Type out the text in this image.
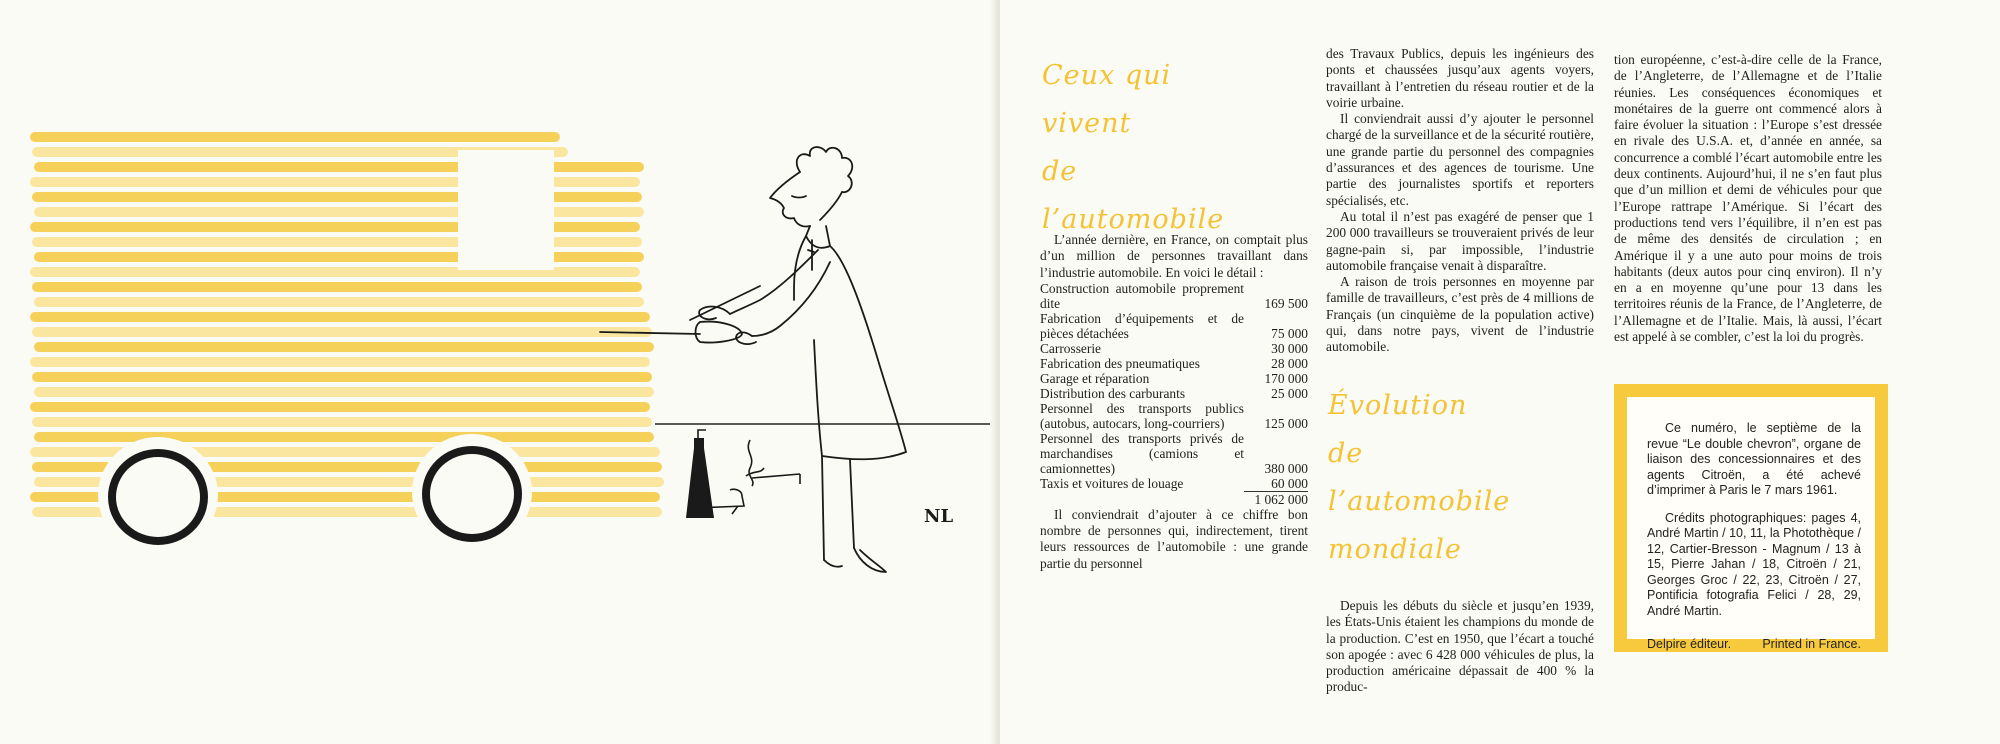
NL

Ceux qui

vivent

de l’automobile

L’année dernière, en France, on comptait plus d’un million de personnes travaillant dans l’industrie automobile. En voici le détail :

Construction automobile proprement dite	169 500
Fabrication d’équipements et de pièces détachées	75 000
Carrosserie	30 000
Fabrication des pneumatiques	28 000
Garage et réparation	170 000
Distribution des carburants	25 000
Personnel des transports publics (autobus, autocars, long-courriers)	125 000
Personnel des transports privés de marchandises (camions et camionnettes)	380 000
Taxis et voitures de louage	60 000
	1 062 000

Il conviendrait d’ajouter à ce chiffre bon nombre de personnes qui, indirectement, tirent leurs ressources de l’automobile : une grande partie du personnel

des Travaux Publics, depuis les ingénieurs des ponts et chaussées jusqu’aux agents voyers, travaillant à l’entretien du réseau routier et de la voirie urbaine.

Il conviendrait aussi d’y ajouter le personnel chargé de la surveillance et de la sécurité routière, une grande partie du personnel des compagnies d’assurances et des agences de tourisme. Une partie des journalistes sportifs et reporters spécialisés, etc.

Au total il n’est pas exagéré de penser que 1 200 000 travailleurs se trouveraient privés de leur gagne-pain si, par impossible, l’industrie automobile française venait à disparaître.

A raison de trois personnes en moyenne par famille de travailleurs, c’est près de 4 millions de Français (un cinquième de la population active) qui, dans notre pays, vivent de l’industrie automobile.

Évolution

de l’automobile

mondiale

Depuis les débuts du siècle et jusqu’en 1939, les États-Unis étaient les champions du monde de la production. C’est en 1950, que l’écart a touché son apogée : avec 6 428 000 véhicules de plus, la production américaine dépassait de 400 % la produc-

tion européenne, c’est-à-dire celle de la France, de l’Angleterre, de l’Allemagne et de l’Italie réunies. Les conséquences économiques et monétaires de la guerre ont commencé alors à faire évoluer la situation : l’Europe s’est dressée en rivale des U.S.A. et, d’année en année, sa concurrence a comblé l’écart automobile entre les deux continents. Aujourd’hui, il ne s’en faut plus que d’un million et demi de véhicules pour que l’Europe rattrape l’Amérique. Si l’écart des productions tend vers l’équilibre, il n’en est pas de même des densités de circulation ; en Amérique il y a une auto pour moins de trois habitants (deux autos pour cinq environ). Il n’y en a en moyenne qu’une pour 13 dans les territoires réunis de la France, de l’Angleterre, de l’Allemagne et de l’Italie. Mais, là aussi, l’écart est appelé à se combler, c’est la loi du progrès.

Ce numéro, le septième de la revue “Le double chevron”, organe de liaison des concessionnaires et des agents Citroën, a été achevé d’imprimer à Paris le 7 mars 1961.

Crédits photographiques: pages 4, André Martin / 10, 11, la Photothèque / 12, Cartier-Bresson - Magnum / 13 à 15, Pierre Jahan / 18, Citroën / 21, Georges Groc / 22, 23, Citroën / 27, Pontificia fotografia Felici / 28, 29, André Martin.

Delpire éditeur.	Printed in France.
